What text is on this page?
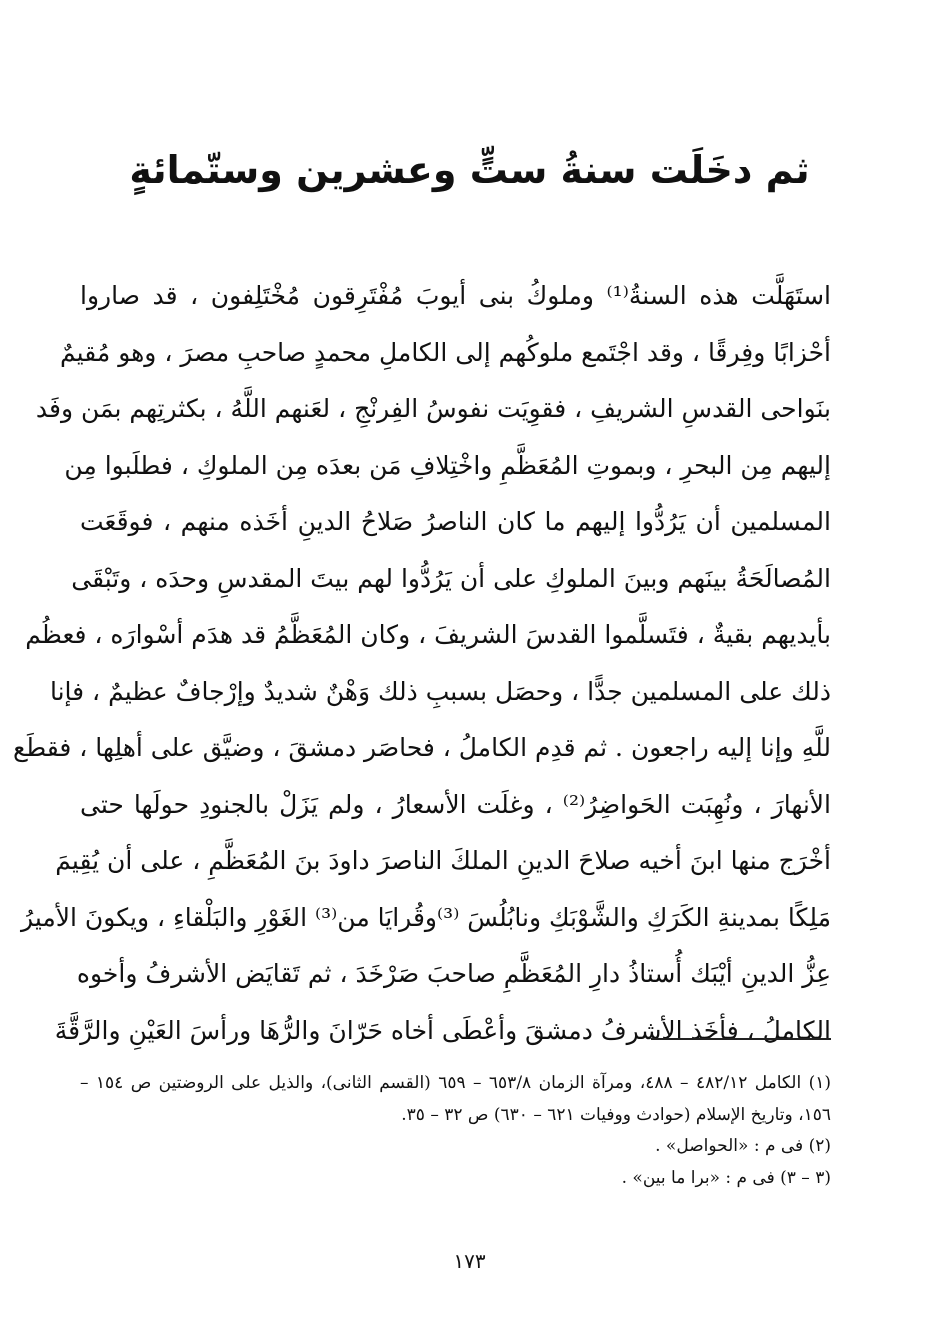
ثم دخَلَت سنةُ ستٍّ وعشرين وستّمائةٍ
استَهَلَّت هذه السنةُ⁽¹⁾ وملوكُ بنى أيوبَ مُفْتَرِقون مُخْتَلِفون ، قد صاروا
أحْزابًا وفِرقًا ، وقد اجْتَمع ملوكُهم إلى الكاملِ محمدٍ صاحبِ مصرَ ، وهو مُقيمٌ
بنَواحى القدسِ الشريفِ ، فقوِيَت نفوسُ الفِرنْجِ ، لعَنهم اللَّهُ ، بكثرتِهم بمَن وفَد
إليهم مِن البحرِ ، وبموتِ المُعَظَّمِ واخْتِلافِ مَن بعدَه مِن الملوكِ ، فطلَبوا مِن
المسلمين أن يَرُدُّوا إليهم ما كان الناصرُ صَلاحُ الدينِ أخَذه منهم ، فوقَعَت
المُصالَحَةُ بينَهم وبينَ الملوكِ على أن يَرُدُّوا لهم بيتَ المقدسِ وحدَه ، وتَبْقَى
بأيديهم بقيةٌ ، فتَسلَّموا القدسَ الشريفَ ، وكان المُعَظَّمُ قد هدَم أسْوارَه ، فعظُم
ذلك على المسلمين جدًّا ، وحصَل بسببِ ذلك وَهْنٌ شديدٌ وإرْجافٌ عظيمٌ ، فإنا
للَّهِ وإنا إليه راجعون . ثم قدِم الكاملُ ، فحاصَر دمشقَ ، وضيَّق على أهلِها ، فقطَع
الأنهارَ ، ونُهِبَت الحَواضِرُ⁽²⁾ ، وغلَت الأسعارُ ، ولم يَزَلْ بالجنودِ حولَها حتى
أخْرَج منها ابنَ أخيه صلاحَ الدينِ الملكَ الناصرَ داودَ بنَ المُعَظَّمِ ، على أن يُقِيمَ
مَلِكًا بمدينةِ الكَرَكِ والشَّوْبَكِ ونابُلُسَ ⁽³⁾وقُرايَا من⁽³⁾ الغَوْرِ والبَلْقاءِ ، ويكونَ الأميرُ
عِزُّ الدينِ أيْبَك أُستاذُ دارِ المُعَظَّمِ صاحبَ صَرْخَدَ ، ثم تَقايَض الأشرفُ وأخوه
الكاملُ ، فأخَذ الأشرفُ دمشقَ وأعْطَى أخاه حَرّانَ والرُّهَا ورأسَ العَيْنِ والرَّقَّةَ
(١) الكامل ٤٨٢/١٢ – ٤٨٨، ومرآة الزمان ٦٥٣/٨ – ٦٥٩ (القسم الثانى)، والذيل على الروضتين ص ١٥٤ – ١٥٦، وتاريخ الإسلام (حوادث ووفيات ٦٢١ – ٦٣٠) ص ٣٢ – ٣٥.
(٢) فى م : «الحواصل» .
(٣ – ٣) فى م : «برا ما بين» .
١٧٣
